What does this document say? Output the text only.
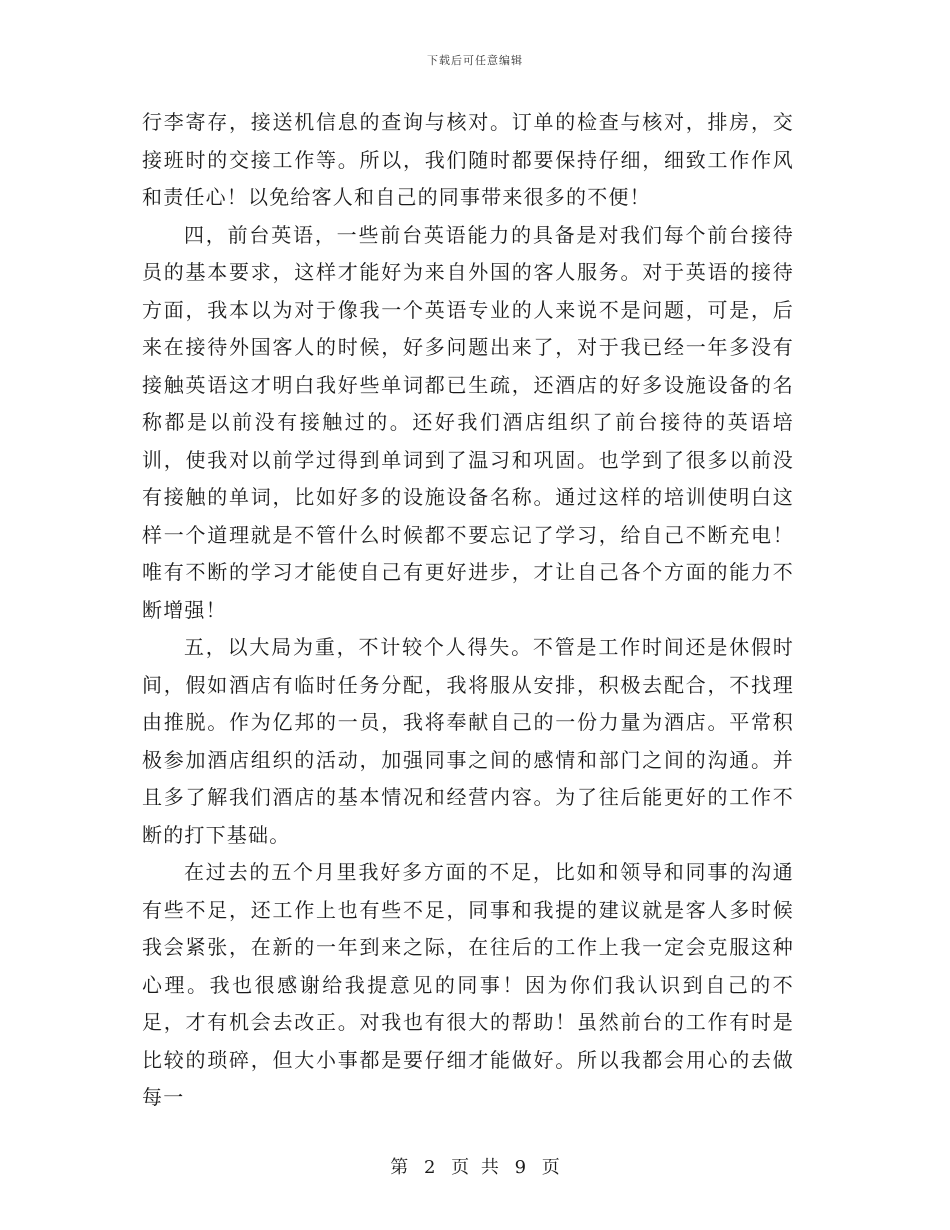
下载后可任意编辑

行李寄存，接送机信息的查询与核对。订单的检查与核对，排房，交接班时的交接工作等。所以，我们随时都要保持仔细，细致工作作风和责任心！以免给客人和自己的同事带来很多的不便！

四，前台英语，一些前台英语能力的具备是对我们每个前台接待员的基本要求，这样才能好为来自外国的客人服务。对于英语的接待方面，我本以为对于像我一个英语专业的人来说不是问题，可是，后来在接待外国客人的时候，好多问题出来了，对于我已经一年多没有接触英语这才明白我好些单词都已生疏，还酒店的好多设施设备的名称都是以前没有接触过的。还好我们酒店组织了前台接待的英语培训，使我对以前学过得到单词到了温习和巩固。也学到了很多以前没有接触的单词，比如好多的设施设备名称。通过这样的培训使明白这样一个道理就是不管什么时候都不要忘记了学习，给自己不断充电！唯有不断的学习才能使自己有更好进步，才让自己各个方面的能力不断增强！

五，以大局为重，不计较个人得失。不管是工作时间还是休假时间，假如酒店有临时任务分配，我将服从安排，积极去配合，不找理由推脱。作为亿邦的一员，我将奉献自己的一份力量为酒店。平常积极参加酒店组织的活动，加强同事之间的感情和部门之间的沟通。并且多了解我们酒店的基本情况和经营内容。为了往后能更好的工作不断的打下基础。

在过去的五个月里我好多方面的不足，比如和领导和同事的沟通有些不足，还工作上也有些不足，同事和我提的建议就是客人多时候我会紧张，在新的一年到来之际，在往后的工作上我一定会克服这种心理。我也很感谢给我提意见的同事！因为你们我认识到自己的不足，才有机会去改正。对我也有很大的帮助！虽然前台的工作有时是比较的琐碎，但大小事都是要仔细才能做好。所以我都会用心的去做每一

第 2 页 共 9 页
